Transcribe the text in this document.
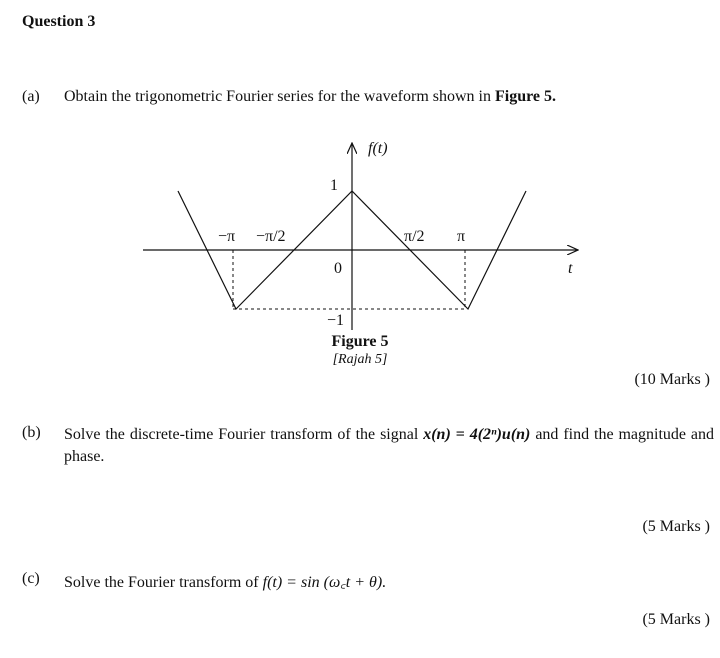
Question 3
(a) Obtain the trigonometric Fourier series for the waveform shown in Figure 5.
f(t)
t
−π −π/2	π/2 π
1
0
−1
Figure 5
[Rajah 5]
(10 Marks )
(b) Solve the discrete-time Fourier transform of the signal x(n) = 4(2ⁿ)u(n) and find the magnitude and phase.
(5 Marks )
(c) Solve the Fourier transform of f(t) = sin (ω꜀t + θ).
(5 Marks )
